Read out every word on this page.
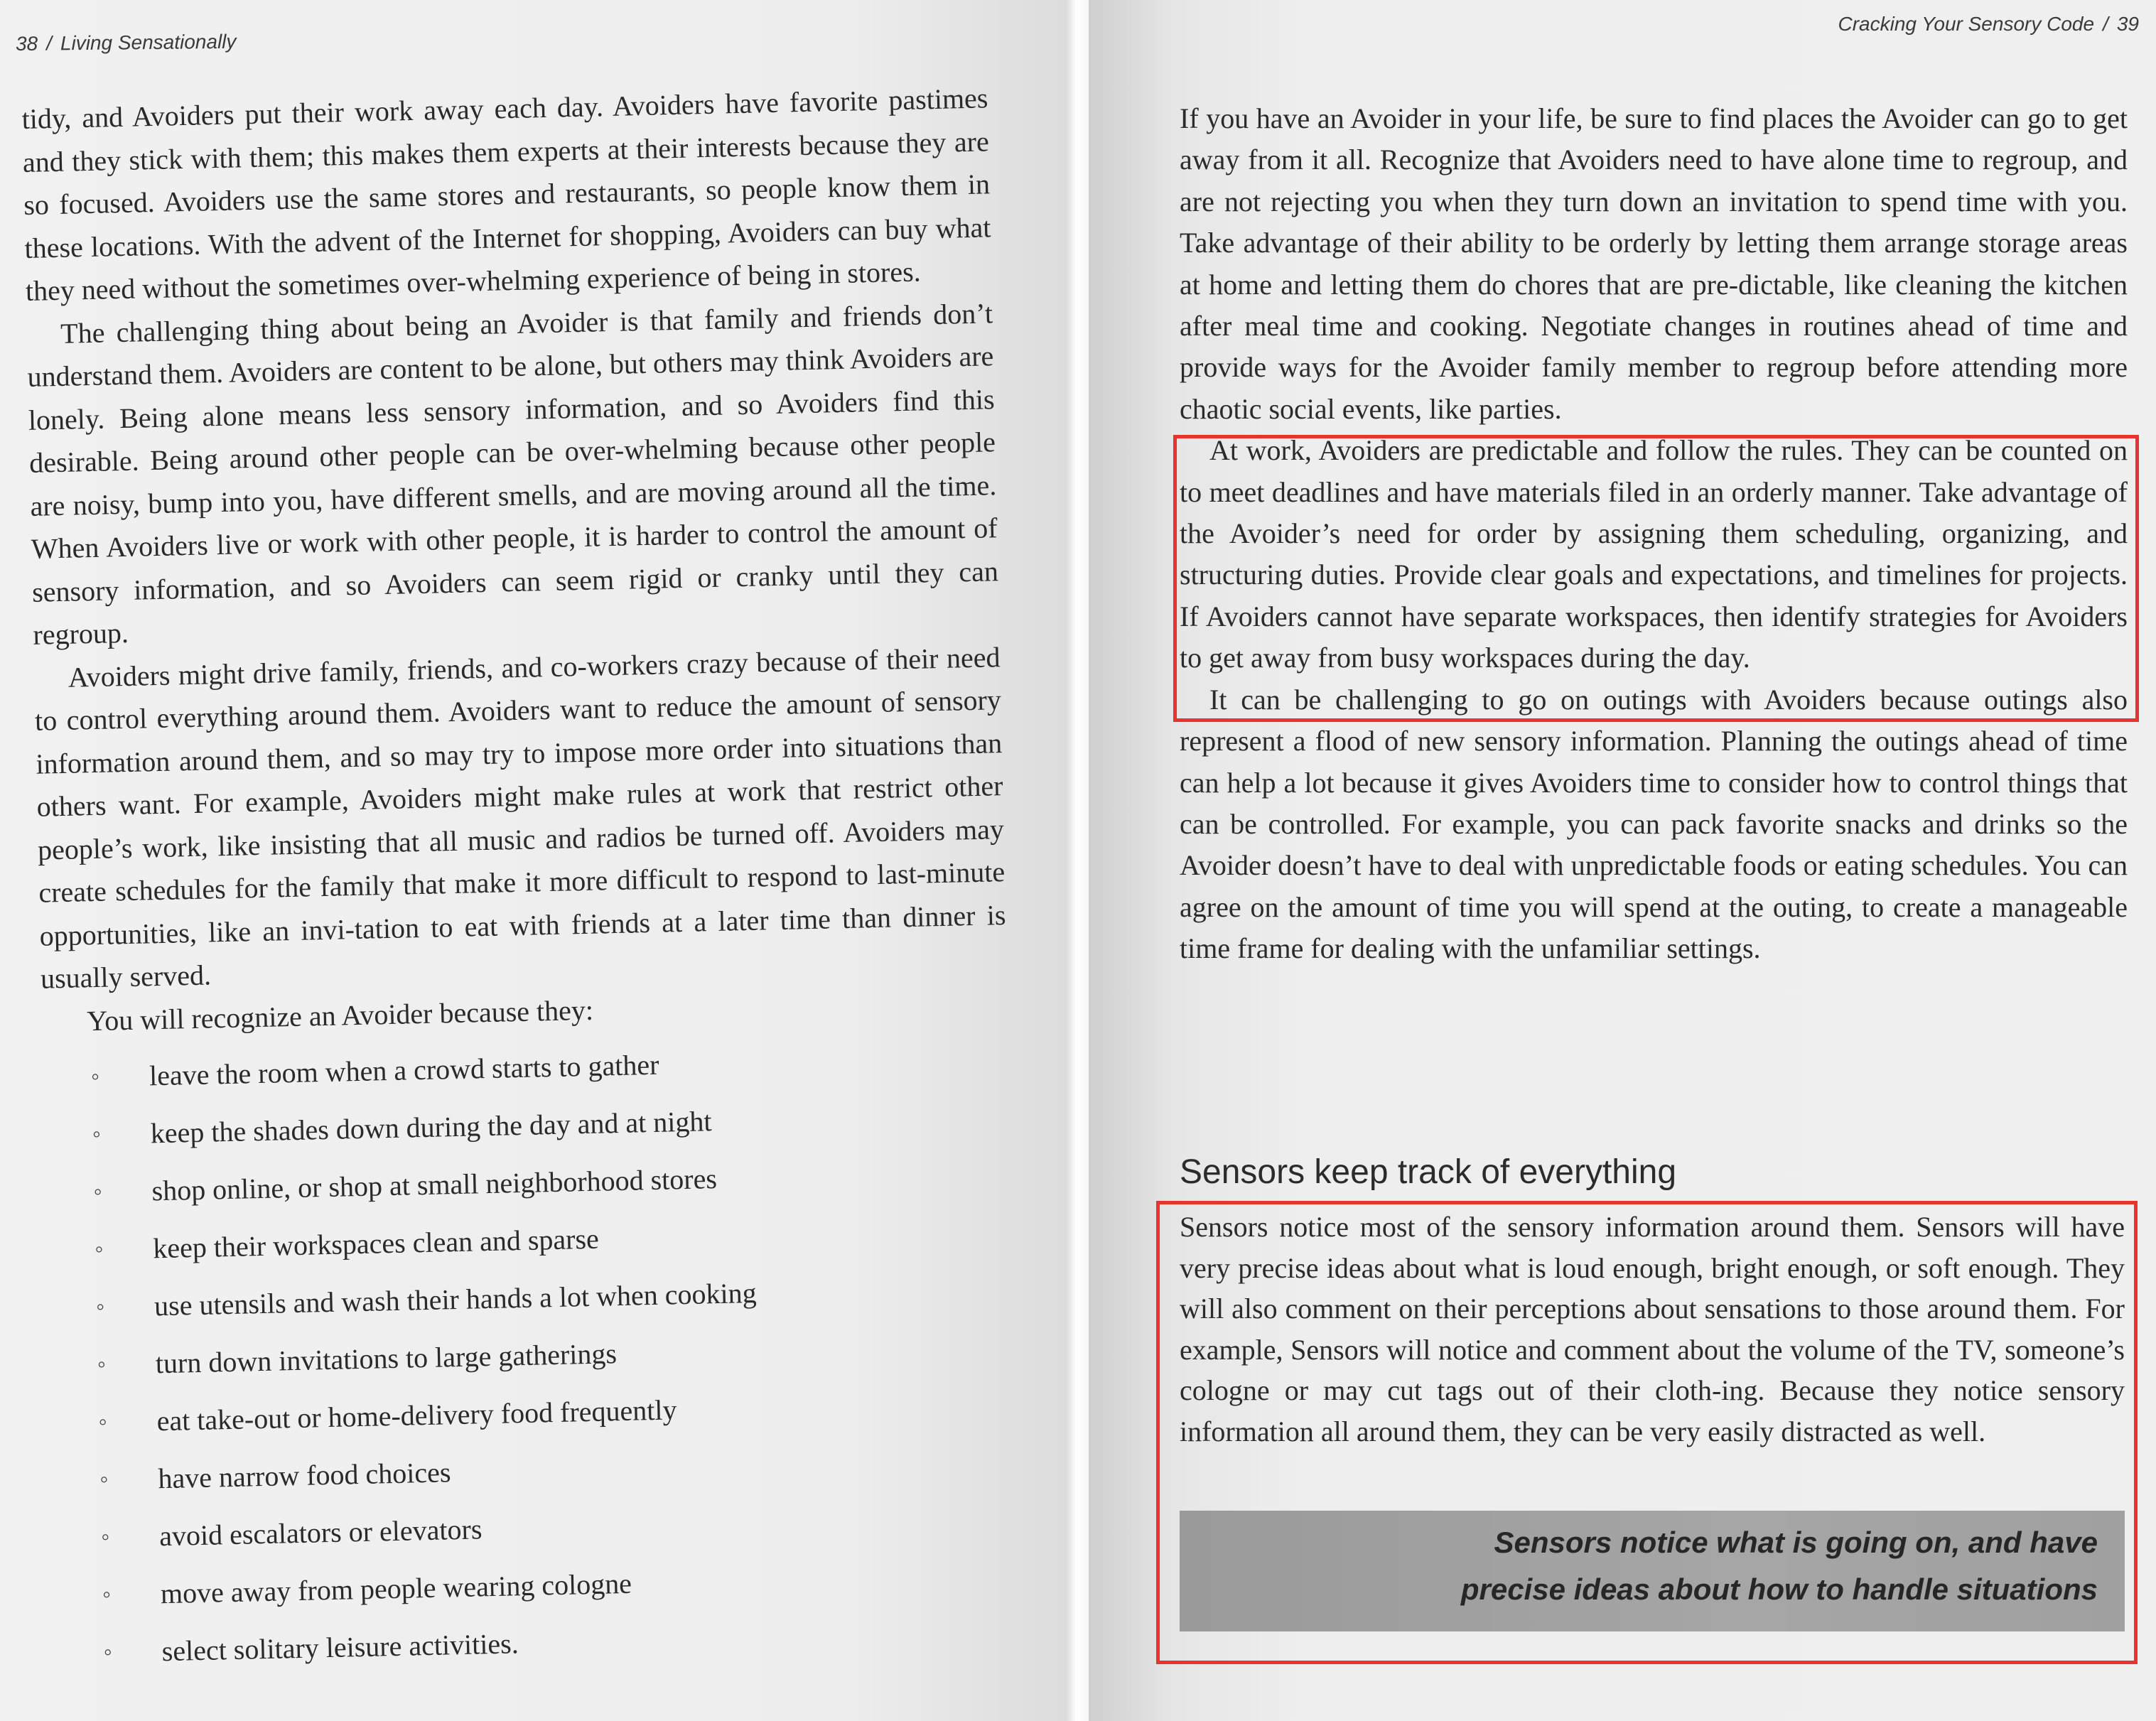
38 / Living Sensationally
Cracking Your Sensory Code / 39

tidy, and Avoiders put their work away each day. Avoiders have favorite pastimes and they stick with them; this makes them experts at their interests because they are so focused. Avoiders use the same stores and restaurants, so people know them in these locations. With the advent of the Internet for shopping, Avoiders can buy what they need without the sometimes over-whelming experience of being in stores.

The challenging thing about being an Avoider is that family and friends don’t understand them. Avoiders are content to be alone, but others may think Avoiders are lonely. Being alone means less sensory information, and so Avoiders find this desirable. Being around other people can be over-whelming because other people are noisy, bump into you, have different smells, and are moving around all the time. When Avoiders live or work with other people, it is harder to control the amount of sensory information, and so Avoiders can seem rigid or cranky until they can regroup.

Avoiders might drive family, friends, and co-workers crazy because of their need to control everything around them. Avoiders want to reduce the amount of sensory information around them, and so may try to impose more order into situations than others want. For example, Avoiders might make rules at work that restrict other people’s work, like insisting that all music and radios be turned off. Avoiders may create schedules for the family that make it more difficult to respond to last-minute opportunities, like an invi-tation to eat with friends at a later time than dinner is usually served.

You will recognize an Avoider because they:

◦ leave the room when a crowd starts to gather
◦ keep the shades down during the day and at night
◦ shop online, or shop at small neighborhood stores
◦ keep their workspaces clean and sparse
◦ use utensils and wash their hands a lot when cooking
◦ turn down invitations to large gatherings
◦ eat take-out or home-delivery food frequently
◦ have narrow food choices
◦ avoid escalators or elevators
◦ move away from people wearing cologne
◦ select solitary leisure activities.

If you have an Avoider in your life, be sure to find places the Avoider can go to get away from it all. Recognize that Avoiders need to have alone time to regroup, and are not rejecting you when they turn down an invitation to spend time with you. Take advantage of their ability to be orderly by letting them arrange storage areas at home and letting them do chores that are pre-dictable, like cleaning the kitchen after meal time and cooking. Negotiate changes in routines ahead of time and provide ways for the Avoider family member to regroup before attending more chaotic social events, like parties.

At work, Avoiders are predictable and follow the rules. They can be counted on to meet deadlines and have materials filed in an orderly manner. Take advantage of the Avoider’s need for order by assigning them scheduling, organizing, and structuring duties. Provide clear goals and expectations, and timelines for projects. If Avoiders cannot have separate workspaces, then identify strategies for Avoiders to get away from busy workspaces during the day.

It can be challenging to go on outings with Avoiders because outings also represent a flood of new sensory information. Planning the outings ahead of time can help a lot because it gives Avoiders time to consider how to control things that can be controlled. For example, you can pack favorite snacks and drinks so the Avoider doesn’t have to deal with unpredictable foods or eating schedules. You can agree on the amount of time you will spend at the outing, to create a manageable time frame for dealing with the unfamiliar settings.

Sensors keep track of everything

Sensors notice most of the sensory information around them. Sensors will have very precise ideas about what is loud enough, bright enough, or soft enough. They will also comment on their perceptions about sensations to those around them. For example, Sensors will notice and comment about the volume of the TV, someone’s cologne or may cut tags out of their cloth-ing. Because they notice sensory information all around them, they can be very easily distracted as well.

Sensors notice what is going on, and have
precise ideas about how to handle situations
